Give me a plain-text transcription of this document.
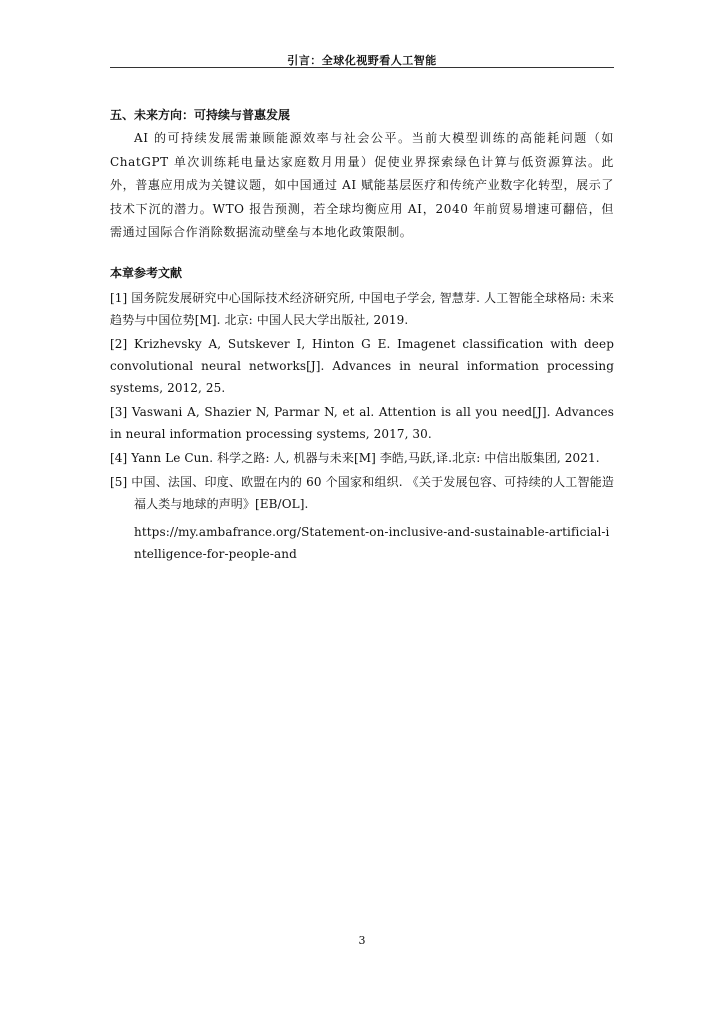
引言：全球化视野看人工智能
五、未来方向：可持续与普惠发展

AI 的可持续发展需兼顾能源效率与社会公平。当前大模型训练的高能耗问题（如 ChatGPT 单次训练耗电量达家庭数月用量）促使业界探索绿色计算与低资源算法。此外，普惠应用成为关键议题，如中国通过 AI 赋能基层医疗和传统产业数字化转型，展示了技术下沉的潜力。WTO 报告预测，若全球均衡应用 AI，2040 年前贸易增速可翻倍，但需通过国际合作消除数据流动壁垒与本地化政策限制。

本章参考文献
[1] 国务院发展研究中心国际技术经济研究所, 中国电子学会, 智慧芽. 人工智能全球格局: 未来趋势与中国位势[M]. 北京: 中国人民大学出版社, 2019.
[2] Krizhevsky A, Sutskever I, Hinton G E. Imagenet classification with deep convolutional neural networks[J]. Advances in neural information processing systems, 2012, 25.
[3] Vaswani A, Shazier N, Parmar N, et al. Attention is all you need[J]. Advances in neural information processing systems, 2017, 30.
[4] Yann Le Cun. 科学之路: 人, 机器与未来[M] 李皓,马跃,译.北京: 中信出版集团, 2021.
[5] 中国、法国、印度、欧盟在内的 60 个国家和组织. 《关于发展包容、可持续的人工智能造福人类与地球的声明》[EB/OL].
https://my.ambafrance.org/Statement-on-inclusive-and-sustainable-artificial-intelligence-for-people-and
3
